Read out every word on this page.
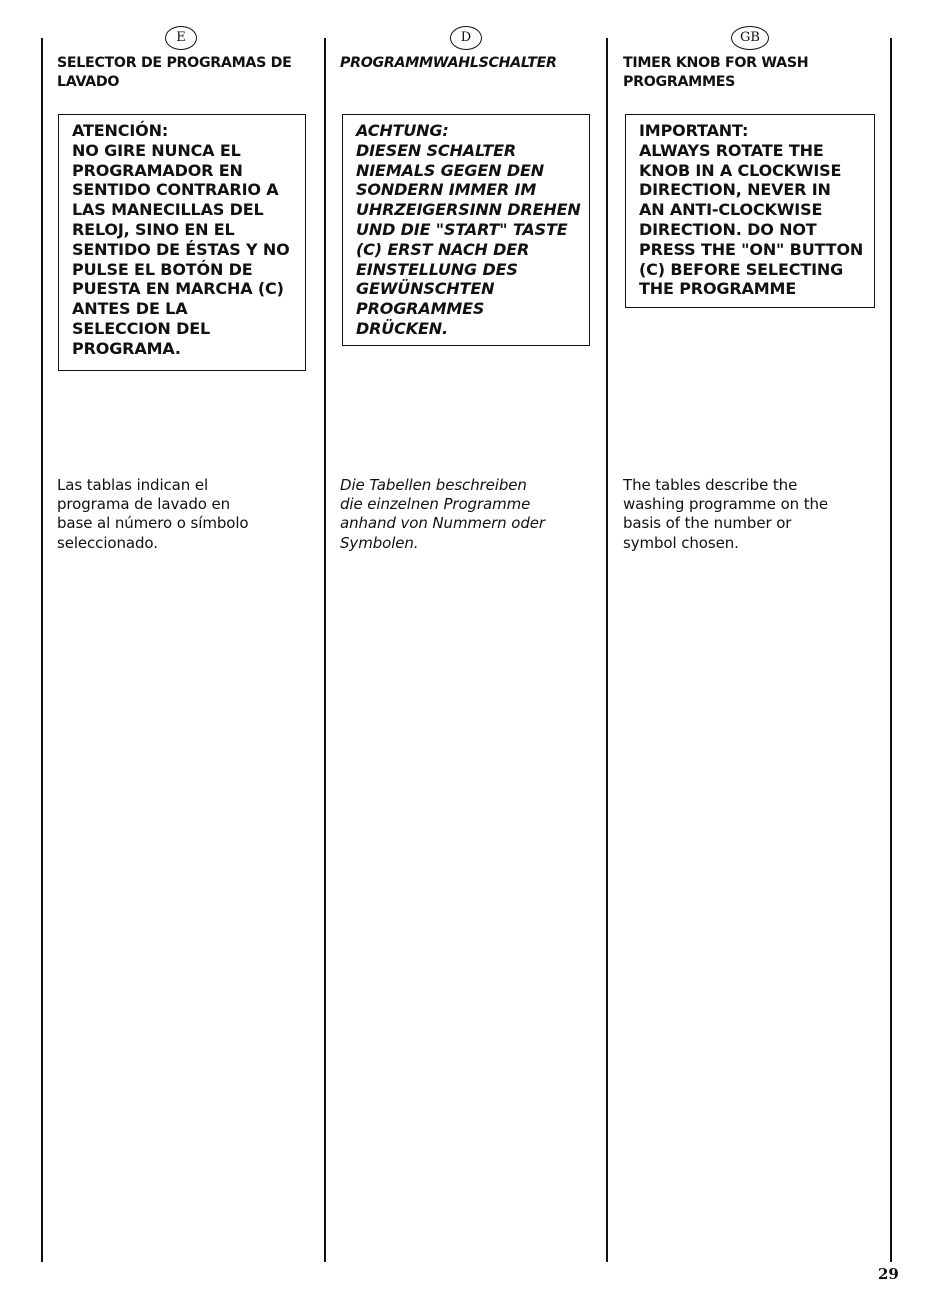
E
SELECTOR DE PROGRAMAS DE
LAVADO
ATENCIÓN:
NO GIRE NUNCA EL
PROGRAMADOR EN
SENTIDO CONTRARIO A
LAS MANECILLAS DEL
RELOJ, SINO EN EL
SENTIDO DE ÉSTAS Y NO
PULSE EL BOTÓN DE
PUESTA EN MARCHA (C)
ANTES DE LA
SELECCION DEL
PROGRAMA.
Las tablas indican el
programa de lavado en
base al número o símbolo
seleccionado.
D
PROGRAMMWAHLSCHALTER
ACHTUNG:
DIESEN SCHALTER
NIEMALS GEGEN DEN
SONDERN IMMER IM
UHRZEIGERSINN DREHEN
UND DIE "START" TASTE
(C) ERST NACH DER
EINSTELLUNG DES
GEWÜNSCHTEN
PROGRAMMES
DRÜCKEN.
Die Tabellen beschreiben
die einzelnen Programme
anhand von Nummern oder
Symbolen.
GB
TIMER KNOB FOR WASH
PROGRAMMES
IMPORTANT:
ALWAYS ROTATE THE
KNOB IN A CLOCKWISE
DIRECTION, NEVER IN
AN ANTI-CLOCKWISE
DIRECTION. DO NOT
PRESS THE "ON" BUTTON
(C) BEFORE SELECTING
THE PROGRAMME
The tables describe the
washing programme on the
basis of the number or
symbol chosen.
29
